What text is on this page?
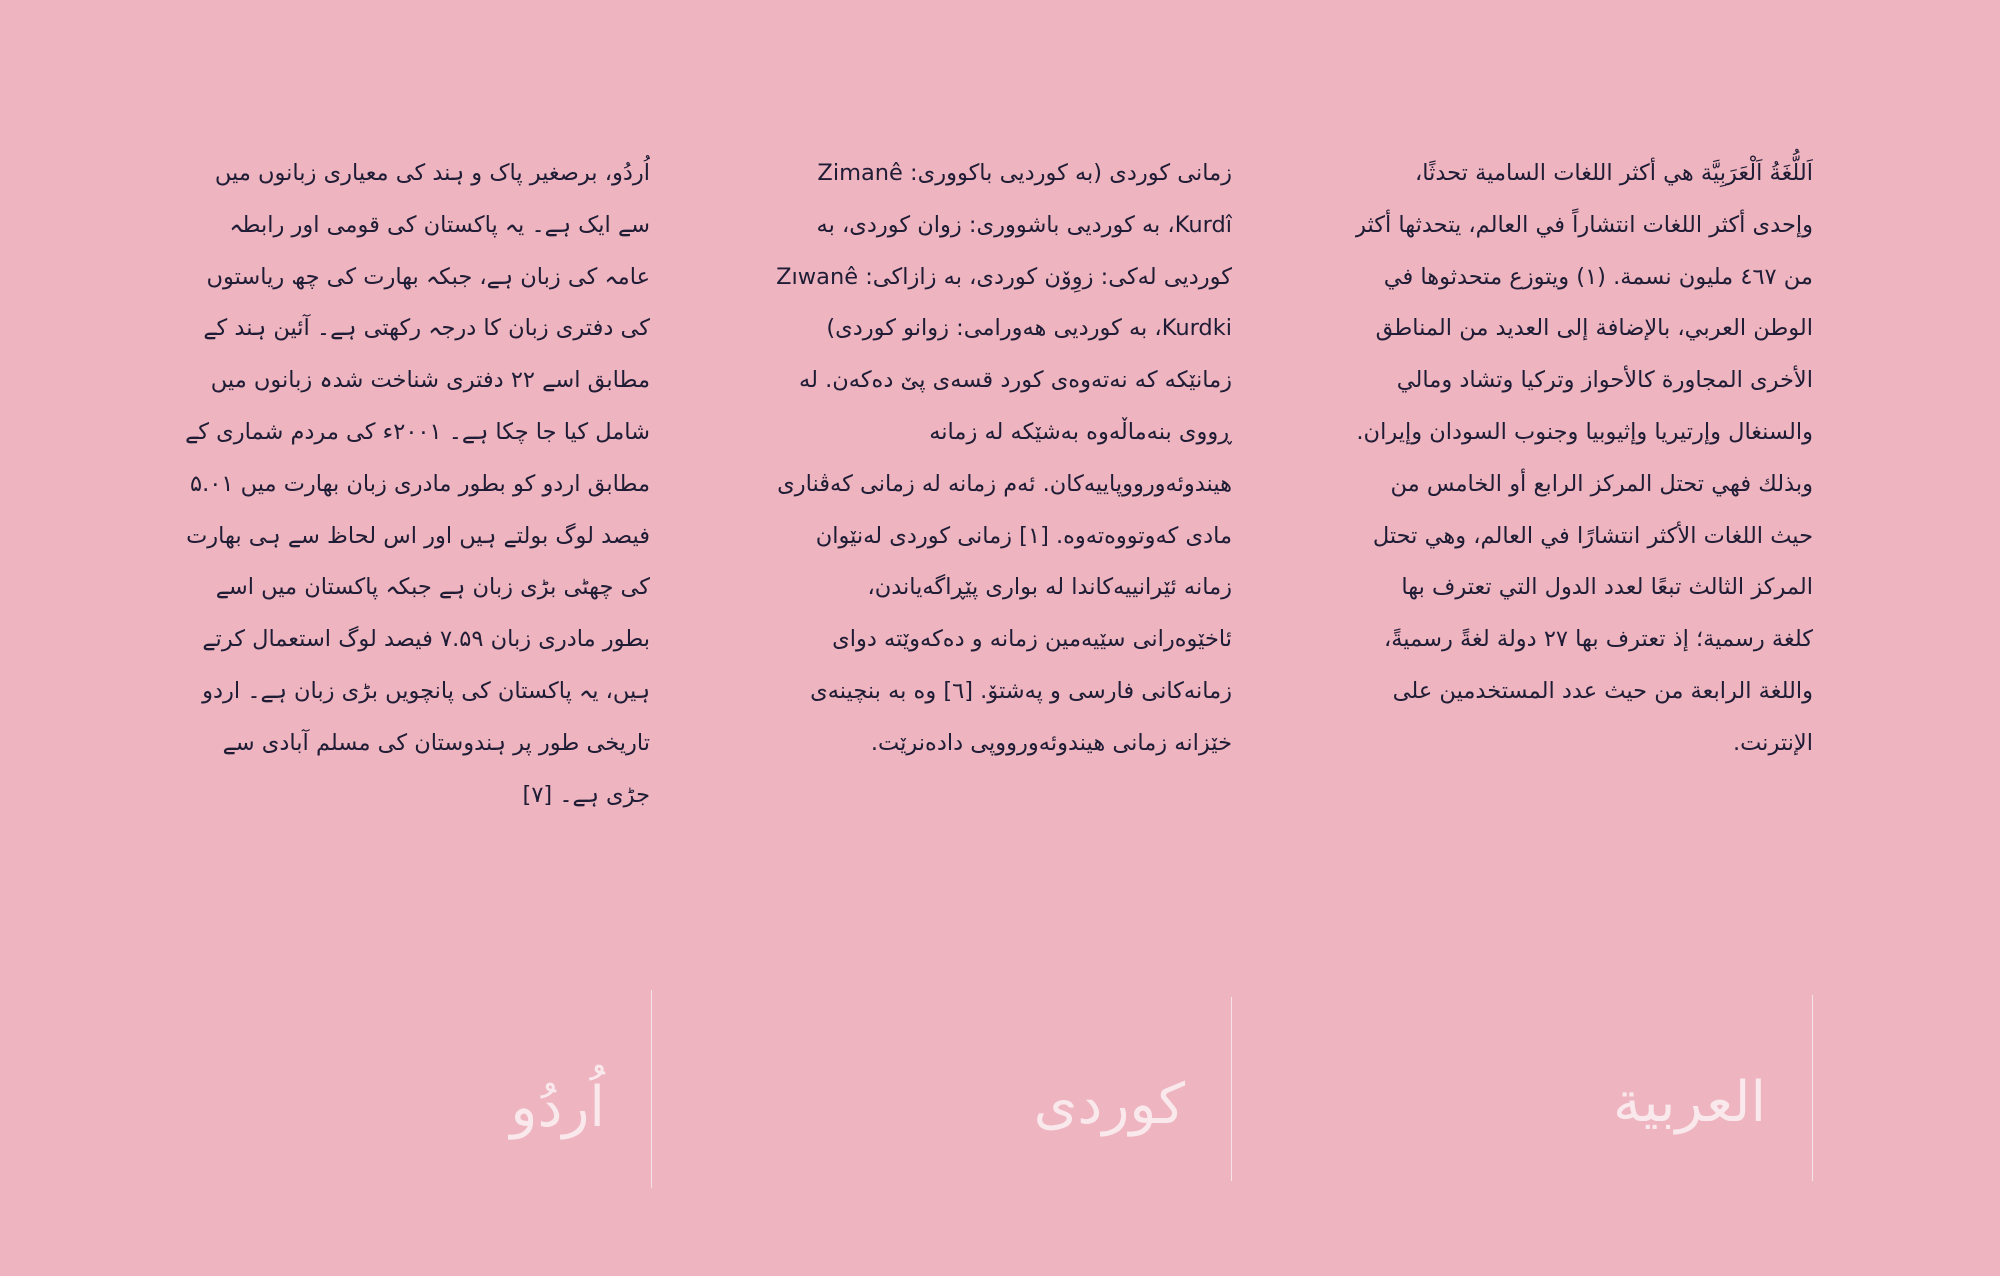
اَللُّغَةُ اَلْعَرَبِيَّة هي أكثر اللغات السامية تحدثًا، وإحدى أكثر اللغات انتشاراً في العالم، يتحدثها أكثر من ٤٦٧ مليون نسمة. (١) ويتوزع متحدثوها في الوطن العربي، بالإضافة إلى العديد من المناطق الأخرى المجاورة كالأحواز وتركيا وتشاد ومالي والسنغال وإرتيريا وإثيوبيا وجنوب السودان وإيران. وبذلك فهي تحتل المركز الرابع أو الخامس من حيث اللغات الأكثر انتشارًا في العالم، وهي تحتل المركز الثالث تبعًا لعدد الدول التي تعترف بها كلغة رسمية؛ إذ تعترف بها ٢٧ دولة لغةً رسميةً، واللغة الرابعة من حيث عدد المستخدمين على الإنترنت.

زمانی کوردی (بە کوردیی باکووری: Zimanê Kurdî، بە کوردیی باشووری: زوان کوردی، بە کوردیی لەکی: زوِوٚن کوردی، بە زازاکی: Zıwanê Kurdki، بە کوردیی هەورامی: زوانو کوردی) زمانێکە کە نەتەوەی کورد قسەی پێ دەکەن. لە ڕووی بنەماڵەوە بەشێکە لە زمانە هیندوئەورووپاییەکان. ئەم زمانە لە زمانی کەڤناری مادی کەوتووەتەوە. [١] زمانی کوردی لەنێوان زمانە ئێرانییەکاندا لە بواری پێڕاگەیاندن، ئاخێوەرانی سێیەمین زمانە و دەکەوێتە دوای زمانەکانی فارسی و پەشتۆ. [٦] وە بە بنچینەی خێزانە زمانی هیندوئەورووپی دادەنرێت.

اُردُو، برصغیر پاک و ہند کی معیاری زبانوں میں سے ایک ہے۔ یہ پاکستان کی قومی اور رابطہ عامہ کی زبان ہے، جبکہ بھارت کی چھ ریاستوں کی دفتری زبان کا درجہ رکھتی ہے۔ آئین ہند کے مطابق اسے ۲۲ دفتری شناخت شدہ زبانوں میں شامل کیا جا چکا ہے۔ ۲۰۰۱ء کی مردم شماری کے مطابق اردو کو بطور مادری زبان بھارت میں ۵.۰۱ فیصد لوگ بولتے ہیں اور اس لحاظ سے ہی بھارت کی چھٹی بڑی زبان ہے جبکہ پاکستان میں اسے بطور مادری زبان ۷.۵۹ فیصد لوگ استعمال کرتے ہیں، یہ پاکستان کی پانچویں بڑی زبان ہے۔ اردو تاریخی طور پر ہندوستان کی مسلم آبادی سے جڑی ہے۔ [۷]

العربية
كوردی
اُردُو
